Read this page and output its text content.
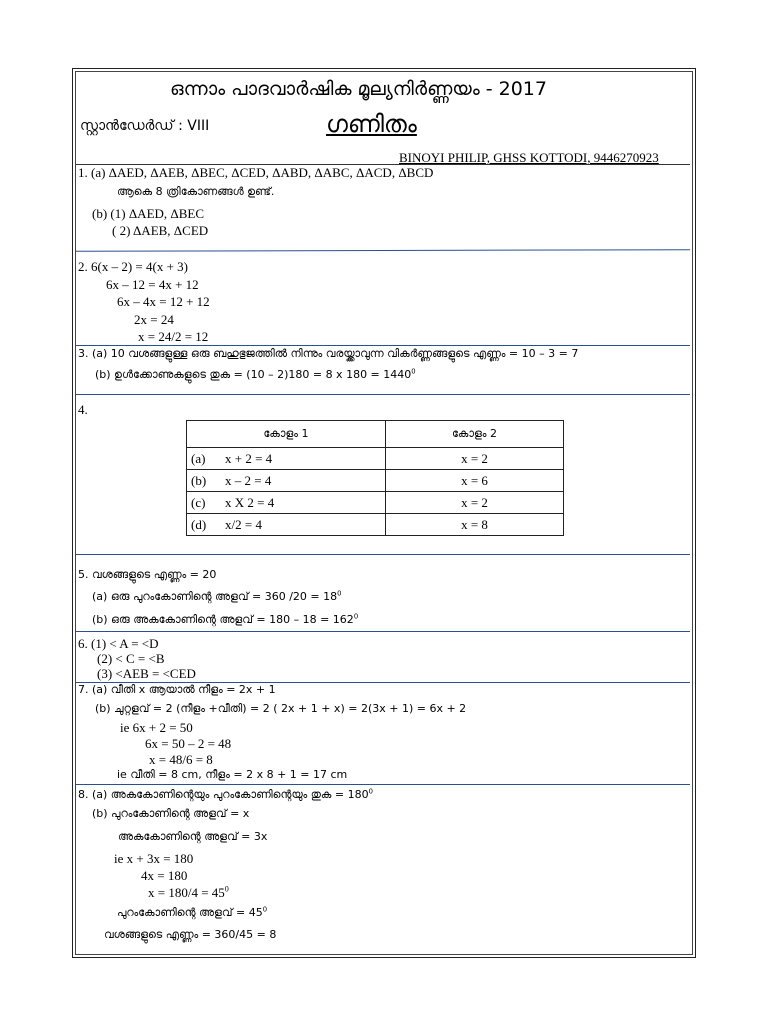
ഒന്നാം പാദവാർഷിക മൂല്യനിർണ്ണയം - 2017
സ്റ്റാൻഡേർഡ് : VIII	ഗണിതം
BINOYI PHILIP, GHSS KOTTODI, 9446270923
1. (a) ΔAED, ΔAEB, ΔBEC, ΔCED, ΔABD, ΔABC, ΔACD, ΔBCD
ആകെ 8 ത്രികോണങ്ങൾ ഉണ്ട്.
(b) (1) ΔAED, ΔBEC
( 2) ΔAEB, ΔCED
2. 6(x – 2) = 4(x + 3)
6x – 12 = 4x + 12
6x – 4x = 12 + 12
2x = 24
x = 24/2 = 12
3. (a) 10 വശങ്ങളുള്ള ഒരു ബഹുഭുജത്തിൽ നിന്നും വരയ്ക്കാവുന്ന വികർണ്ണങ്ങളുടെ എണ്ണം = 10 – 3 = 7
(b) ഉൾക്കോണുകളുടെ തുക = (10 – 2)180 = 8 x $180 = 1440^0$
4.
കോളം 1	കോളം 2
(a) x + 2 = 4	x = 2
(b) x – 2 = 4	x = 6
(c) x X 2 = 4	x = 2
(d) x/2 = 4	x = 8
5. വശങ്ങളുടെ എണ്ണം = 20
(a) ഒരു പുറംകോണിന്റെ അളവ് = 360 $/20 = 18^0$
(b) ഒരു അകകോണിന്റെ അളവ് = $180 - 18 = 162^0$
6. (1) < A = <D
(2) < C = <B
(3) <AEB = <CED
7. (a) വീതി x ആയാൽ നീളം = 2x + 1
(b) ചുറ്റളവ് = 2 (നീളം +വീതി) = 2 ( 2x + 1 + x) = 2(3x + 1) = 6x + 2
ie 6x + 2 = 50
6x = 50 – 2 = 48
x = 48/6 = 8
ie വീതി = 8 cm, നീളം = 2 x 8 + 1 = 17 cm
8. (a) അകകോണിന്റെയും പുറംകോണിന്റെയും തുക = $180^0$
(b) പുറംകോണിന്റെ അളവ് = x
അകകോണിന്റെ അളവ് = 3x
ie x + 3x = 180
4x = 180
$x = 180/4 = 45^0$
പുറംകോണിന്റെ അളവ് = $45^0$
വശങ്ങളുടെ എണ്ണം = 360/45 = 8
